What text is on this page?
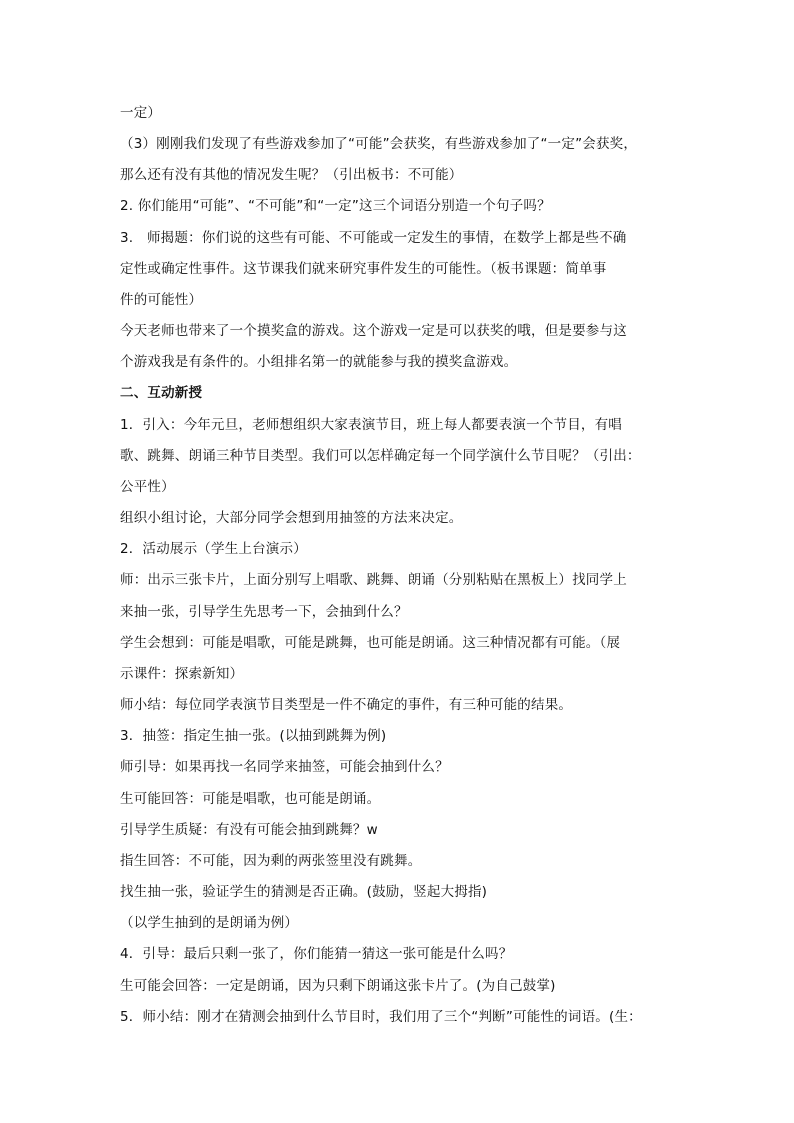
一定）
（3）刚刚我们发现了有些游戏参加了“可能”会获奖，有些游戏参加了“一定”会获奖，
那么还有没有其他的情况发生呢？（引出板书：不可能）
2. 你们能用“可能”、“不可能”和“一定”这三个词语分别造一个句子吗？
3.　师揭题：你们说的这些有可能、不可能或一定发生的事情，在数学上都是些不确
定性或确定性事件。这节课我们就来研究事件发生的可能性。（板书课题：简单事
件的可能性）
今天老师也带来了一个摸奖盒的游戏。这个游戏一定是可以获奖的哦，但是要参与这
个游戏我是有条件的。小组排名第一的就能参与我的摸奖盒游戏。
二、互动新授
1．引入：今年元旦，老师想组织大家表演节目，班上每人都要表演一个节目，有唱
歌、跳舞、朗诵三种节目类型。我们可以怎样确定每一个同学演什么节目呢？（引出：
公平性）
组织小组讨论，大部分同学会想到用抽签的方法来决定。
2．活动展示（学生上台演示）
师：出示三张卡片，上面分别写上唱歌、跳舞、朗诵（分别粘贴在黑板上）找同学上
来抽一张，引导学生先思考一下，会抽到什么？
学生会想到：可能是唱歌，可能是跳舞，也可能是朗诵。这三种情况都有可能。（展
示课件：探索新知）
师小结：每位同学表演节目类型是一件不确定的事件，有三种可能的结果。
3．抽签：指定生抽一张。(以抽到跳舞为例)
师引导：如果再找一名同学来抽签，可能会抽到什么？
生可能回答：可能是唱歌，也可能是朗诵。
引导学生质疑：有没有可能会抽到跳舞？w
指生回答：不可能，因为剩的两张签里没有跳舞。
找生抽一张，验证学生的猜测是否正确。(鼓励，竖起大拇指)
（以学生抽到的是朗诵为例）
4．引导：最后只剩一张了，你们能猜一猜这一张可能是什么吗？
生可能会回答：一定是朗诵，因为只剩下朗诵这张卡片了。(为自己鼓掌)
5．师小结：刚才在猜测会抽到什么节目时，我们用了三个“判断”可能性的词语。(生：
